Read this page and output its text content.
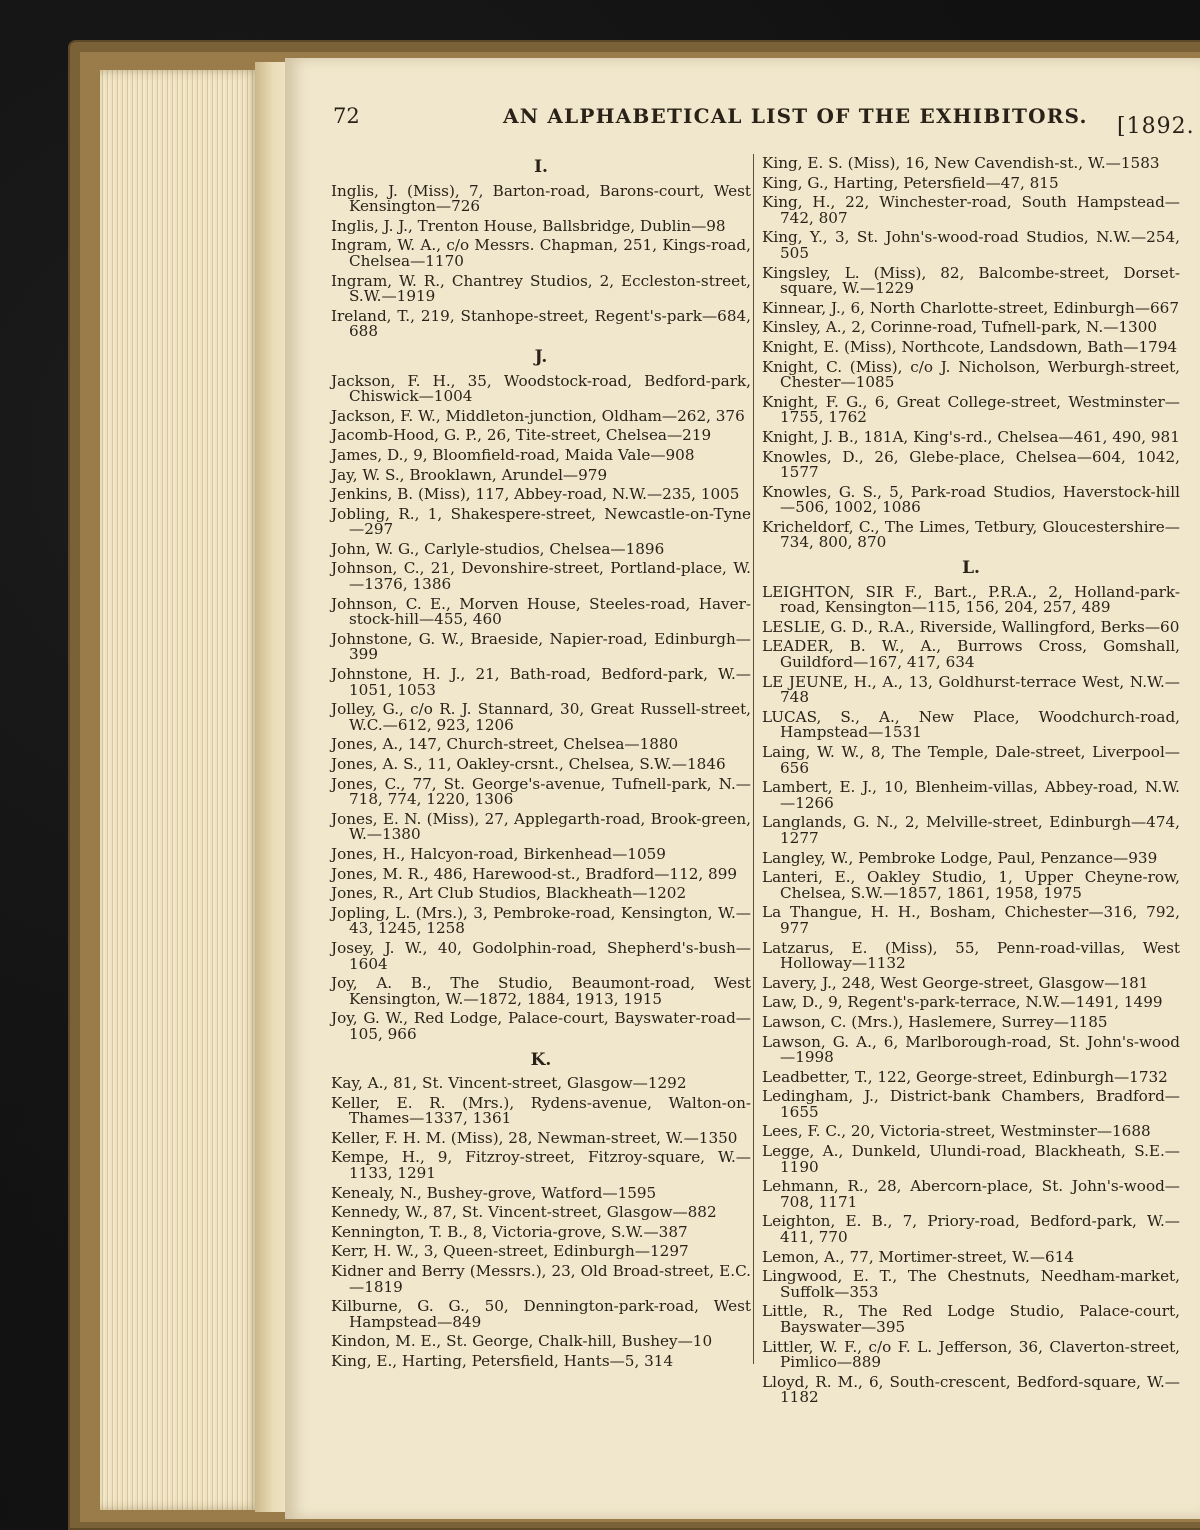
72	AN ALPHABETICAL LIST OF THE EXHIBITORS. [1892.
I.
Inglis, J. (Miss), 7, Barton-road, Barons-court, West Kensington—726
Inglis, J. J., Trenton House, Ballsbridge, Dublin—98
Ingram, W. A., c/o Messrs. Chapman, 251, Kings-road, Chelsea—1170
Ingram, W. R., Chantrey Studios, 2, Eccleston-street, S.W.—1919
Ireland, T., 219, Stanhope-street, Regent's-park—684, 688
J.
Jackson, F. H., 35, Woodstock-road, Bedford-park, Chiswick—1004
Jackson, F. W., Middleton-junction, Oldham—262, 376
Jacomb-Hood, G. P., 26, Tite-street, Chelsea—219
James, D., 9, Bloomfield-road, Maida Vale—908
Jay, W. S., Brooklawn, Arundel—979
Jenkins, B. (Miss), 117, Abbey-road, N.W.—235, 1005
Jobling, R., 1, Shakespere-street, Newcastle-on-Tyne—297
John, W. G., Carlyle-studios, Chelsea—1896
Johnson, C., 21, Devonshire-street, Portland-place, W.—1376, 1386
Johnson, C. E., Morven House, Steeles-road, Haver-stock-hill—455, 460
Johnstone, G. W., Braeside, Napier-road, Edinburgh—399
Johnstone, H. J., 21, Bath-road, Bedford-park, W.—1051, 1053
Jolley, G., c/o R. J. Stannard, 30, Great Russell-street, W.C.—612, 923, 1206
Jones, A., 147, Church-street, Chelsea—1880
Jones, A. S., 11, Oakley-crsnt., Chelsea, S.W.—1846
Jones, C., 77, St. George's-avenue, Tufnell-park, N.—718, 774, 1220, 1306
Jones, E. N. (Miss), 27, Applegarth-road, Brook-green, W.—1380
Jones, H., Halcyon-road, Birkenhead—1059
Jones, M. R., 486, Harewood-st., Bradford—112, 899
Jones, R., Art Club Studios, Blackheath—1202
Jopling, L. (Mrs.), 3, Pembroke-road, Kensington, W.—43, 1245, 1258
Josey, J. W., 40, Godolphin-road, Shepherd's-bush—1604
Joy, A. B., The Studio, Beaumont-road, West Kensington, W.—1872, 1884, 1913, 1915
Joy, G. W., Red Lodge, Palace-court, Bayswater-road—105, 966
K.
Kay, A., 81, St. Vincent-street, Glasgow—1292
Keller, E. R. (Mrs.), Rydens-avenue, Walton-on-Thames—1337, 1361
Keller, F. H. M. (Miss), 28, Newman-street, W.—1350
Kempe, H., 9, Fitzroy-street, Fitzroy-square, W.—1133, 1291
Kenealy, N., Bushey-grove, Watford—1595
Kennedy, W., 87, St. Vincent-street, Glasgow—882
Kennington, T. B., 8, Victoria-grove, S.W.—387
Kerr, H. W., 3, Queen-street, Edinburgh—1297
Kidner and Berry (Messrs.), 23, Old Broad-street, E.C.—1819
Kilburne, G. G., 50, Dennington-park-road, West Hampstead—849
Kindon, M. E., St. George, Chalk-hill, Bushey—10
King, E., Harting, Petersfield, Hants—5, 314
King, E. S. (Miss), 16, New Cavendish-st., W.—1583
King, G., Harting, Petersfield—47, 815
King, H., 22, Winchester-road, South Hampstead—742, 807
King, Y., 3, St. John's-wood-road Studios, N.W.—254, 505
Kingsley, L. (Miss), 82, Balcombe-street, Dorset-square, W.—1229
Kinnear, J., 6, North Charlotte-street, Edinburgh—667
Kinsley, A., 2, Corinne-road, Tufnell-park, N.—1300
Knight, E. (Miss), Northcote, Landsdown, Bath—1794
Knight, C. (Miss), c/o J. Nicholson, Werburgh-street, Chester—1085
Knight, F. G., 6, Great College-street, Westminster—1755, 1762
Knight, J. B., 181A, King's-rd., Chelsea—461, 490, 981
Knowles, D., 26, Glebe-place, Chelsea—604, 1042, 1577
Knowles, G. S., 5, Park-road Studios, Haverstock-hill—506, 1002, 1086
Kricheldorf, C., The Limes, Tetbury, Gloucestershire—734, 800, 870
L.
LEIGHTON, SIR F., Bart., P.R.A., 2, Holland-park-road, Kensington—115, 156, 204, 257, 489
LESLIE, G. D., R.A., Riverside, Wallingford, Berks—60
LEADER, B. W., A., Burrows Cross, Gomshall, Guildford—167, 417, 634
LE JEUNE, H., A., 13, Goldhurst-terrace West, N.W.—748
LUCAS, S., A., New Place, Woodchurch-road, Hampstead—1531
Laing, W. W., 8, The Temple, Dale-street, Liverpool—656
Lambert, E. J., 10, Blenheim-villas, Abbey-road, N.W.—1266
Langlands, G. N., 2, Melville-street, Edinburgh—474, 1277
Langley, W., Pembroke Lodge, Paul, Penzance—939
Lanteri, E., Oakley Studio, 1, Upper Cheyne-row, Chelsea, S.W.—1857, 1861, 1958, 1975
La Thangue, H. H., Bosham, Chichester—316, 792, 977
Latzarus, E. (Miss), 55, Penn-road-villas, West Holloway—1132
Lavery, J., 248, West George-street, Glasgow—181
Law, D., 9, Regent's-park-terrace, N.W.—1491, 1499
Lawson, C. (Mrs.), Haslemere, Surrey—1185
Lawson, G. A., 6, Marlborough-road, St. John's-wood—1998
Leadbetter, T., 122, George-street, Edinburgh—1732
Ledingham, J., District-bank Chambers, Bradford—1655
Lees, F. C., 20, Victoria-street, Westminster—1688
Legge, A., Dunkeld, Ulundi-road, Blackheath, S.E.—1190
Lehmann, R., 28, Abercorn-place, St. John's-wood—708, 1171
Leighton, E. B., 7, Priory-road, Bedford-park, W.—411, 770
Lemon, A., 77, Mortimer-street, W.—614
Lingwood, E. T., The Chestnuts, Needham-market, Suffolk—353
Little, R., The Red Lodge Studio, Palace-court, Bayswater—395
Littler, W. F., c/o F. L. Jefferson, 36, Claverton-street, Pimlico—889
Lloyd, R. M., 6, South-crescent, Bedford-square, W.—1182
